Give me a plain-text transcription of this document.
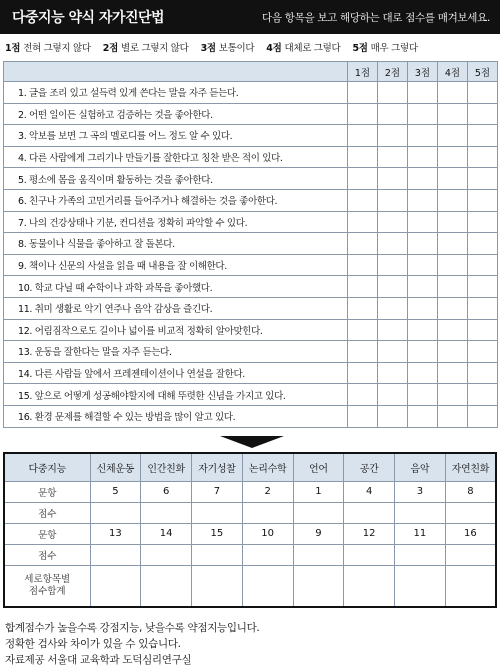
다중지능 약식 자가진단법	다음 항목을 보고 해당하는 대로 점수를 매겨보세요.
1점 전혀 그렇지 않다 2점 별로 그렇지 않다 3점 보통이다 4점 대체로 그렇다 5점 매우 그렇다
	1점	2점	3점	4점	5점
1. 글을 조리 있고 설득력 있게 쓴다는 말을 자주 듣는다.					
2. 어떤 일이든 실험하고 검증하는 것을 좋아한다.					
3. 악보를 보면 그 곡의 멜로디를 어느 정도 알 수 있다.					
4. 다른 사람에게 그리기나 만들기를 잘한다고 칭찬 받은 적이 있다.					
5. 평소에 몸을 움직이며 활동하는 것을 좋아한다.					
6. 친구나 가족의 고민거리를 들어주거나 해결하는 것을 좋아한다.					
7. 나의 건강상태나 기분, 컨디션을 정확히 파악할 수 있다.					
8. 동물이나 식물을 좋아하고 잘 돌본다.					
9. 책이나 신문의 사설을 읽을 때 내용을 잘 이해한다.					
10. 학교 다닐 때 수학이나 과학 과목을 좋아했다.					
11. 취미 생활로 악기 연주나 음악 감상을 즐긴다.					
12. 어림짐작으로도 길이나 넓이를 비교적 정확히 알아맞힌다.					
13. 운동을 잘한다는 말을 자주 듣는다.					
14. 다른 사람들 앞에서 프레젠테이션이나 연설을 잘한다.					
15. 앞으로 어떻게 성공해야할지에 대해 뚜렷한 신념을 가지고 있다.					
16. 환경 문제를 해결할 수 있는 방법을 많이 알고 있다.					
다중지능	신체운동	인간친화	자기성찰	논리수학	언어	공간	음악	자연친화
문항	5	6	7	2	1	4	3	8
점수								
문항	13	14	15	10	9	12	11	16
점수								

세로항목별
점수합계								

합계점수가 높을수록 강점지능, 낮을수록 약점지능입니다.
정확한 검사와 차이가 있을 수 있습니다.
자료제공 서울대 교육학과 도덕심리연구실
